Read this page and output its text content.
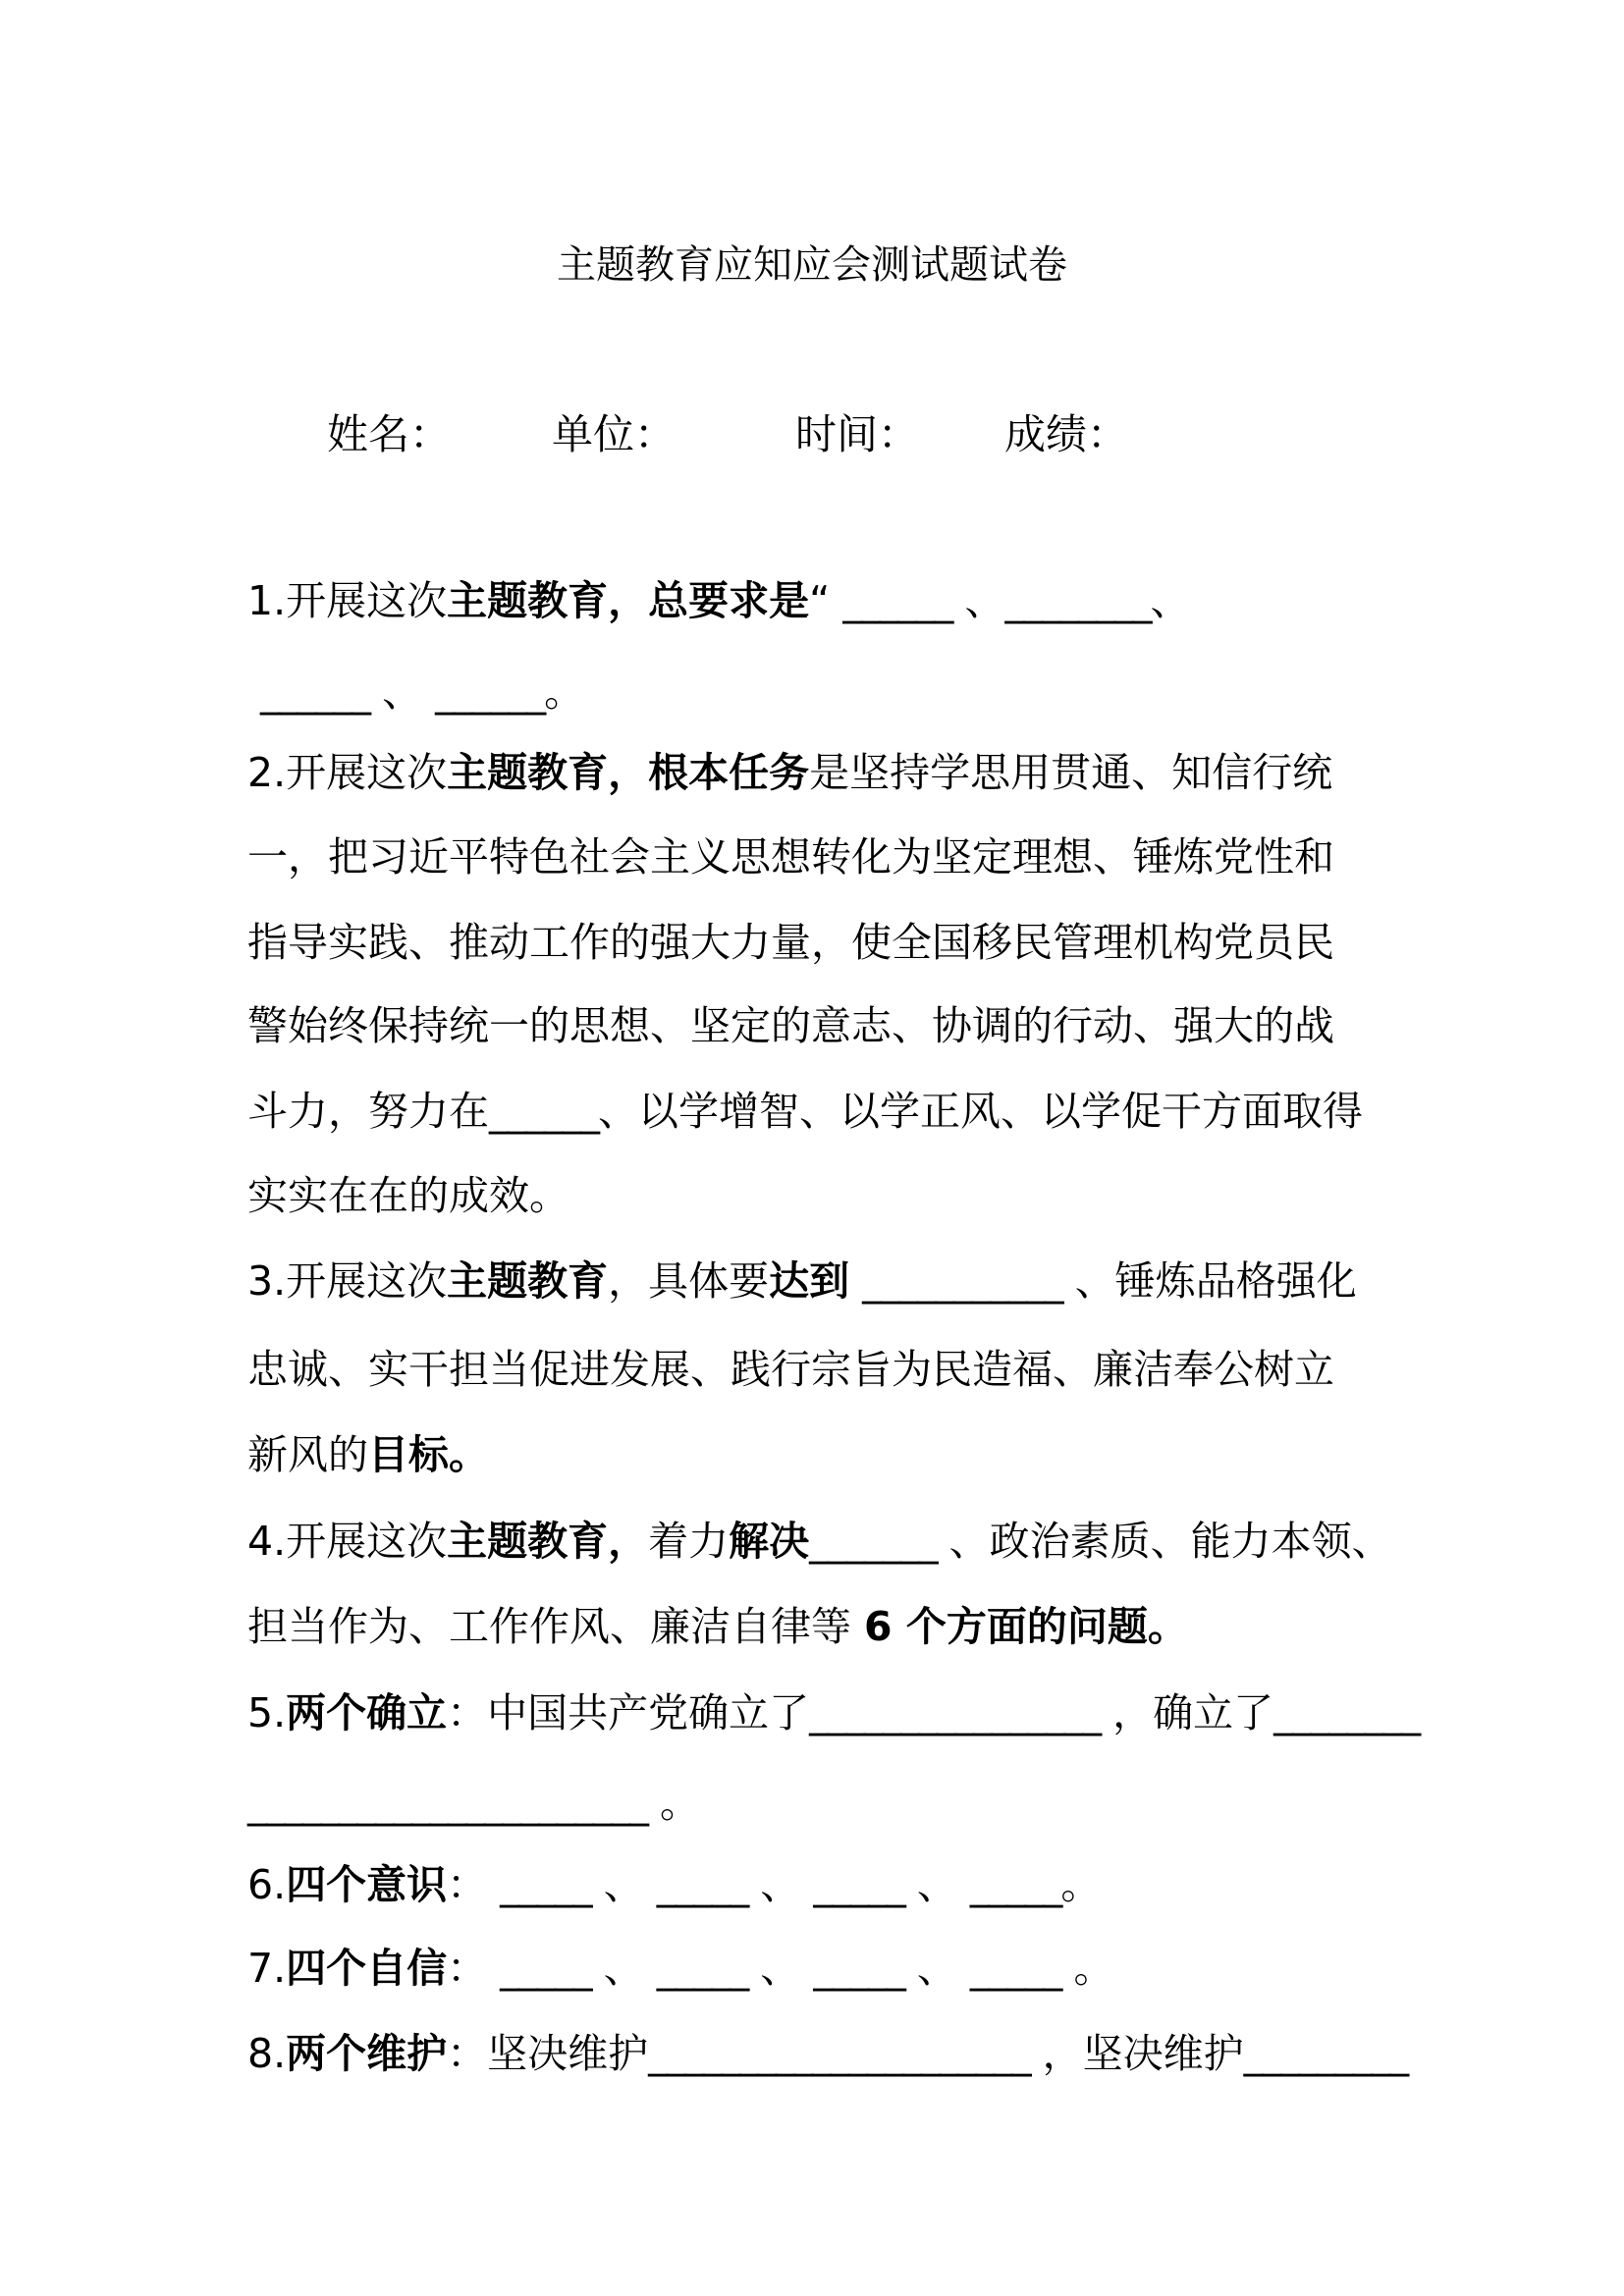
主题教育应知应会测试题试卷
姓名： 单位：	时间： 成绩：
1.开展这次主题教育，总要求是“ ______ 、________、
______ 、 ______。
2.开展这次主题教育，根本任务是坚持学思用贯通、知信行统
一，把习近平特色社会主义思想转化为坚定理想、锤炼党性和
指导实践、推动工作的强大力量，使全国移民管理机构党员民
警始终保持统一的思想、坚定的意志、协调的行动、强大的战
斗力，努力在______、以学增智、以学正风、以学促干方面取得
实实在在的成效。
3.开展这次主题教育，具体要达到 ___________ 、锤炼品格强化
忠诚、实干担当促进发展、践行宗旨为民造福、廉洁奉公树立
新风的目标。
4.开展这次主题教育，着力解决_______ 、政治素质、能力本领、
担当作为、工作作风、廉洁自律等 6 个方面的问题。
5.两个确立：中国共产党确立了________________ ，确立了________
______________________ 。
6.四个意识： _____ 、 _____ 、 _____ 、 _____。
7.四个自信： _____ 、 _____ 、 _____ 、 _____ 。
8.两个维护：坚决维护_____________________ ，坚决维护_________
